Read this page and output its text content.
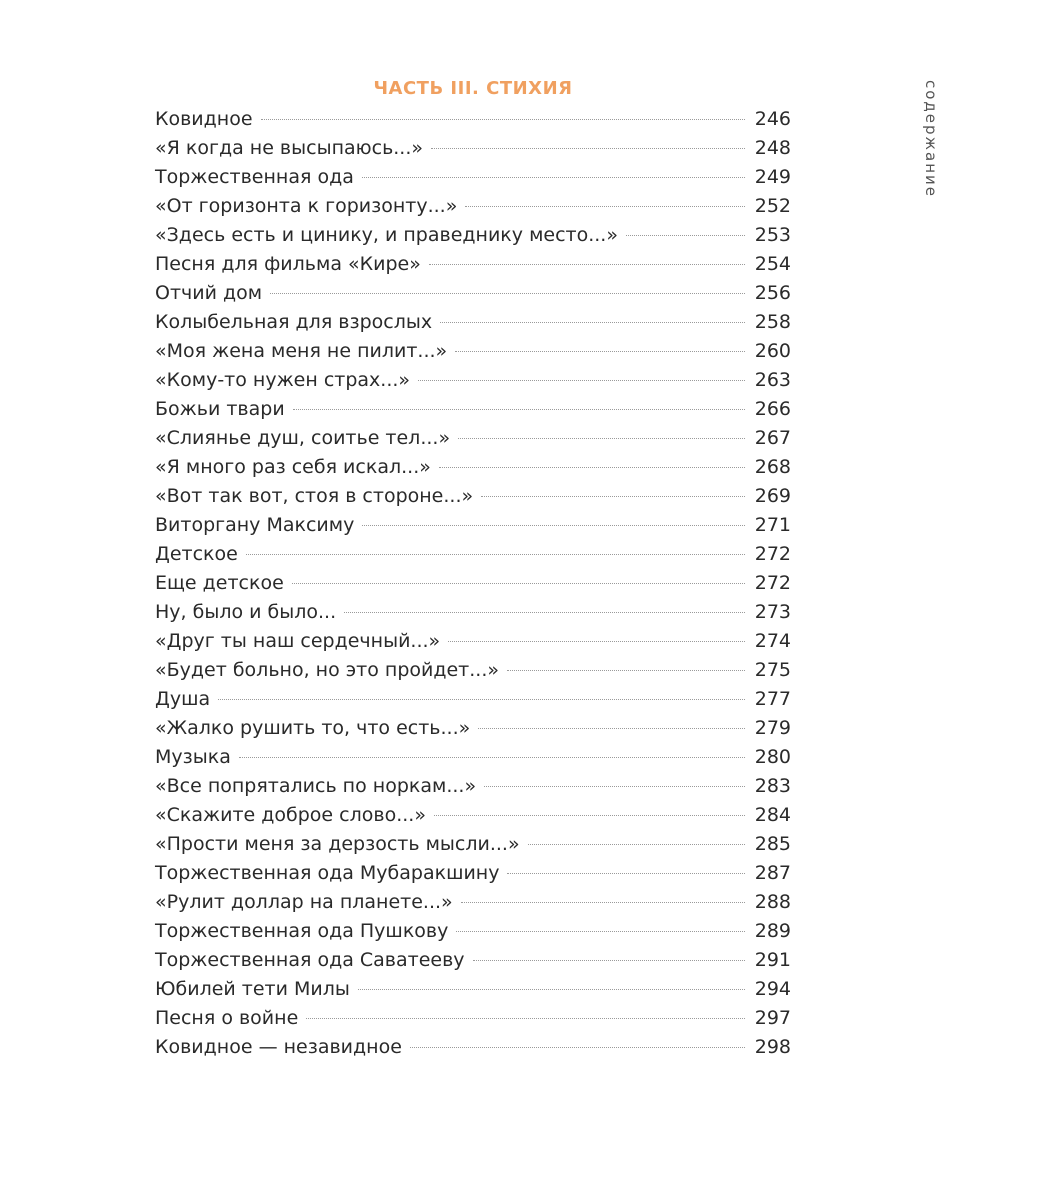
ЧАСТЬ III. СТИХИЯ	содержание
Ковидное	246
«Я когда не высыпаюсь...»	248
Торжественная ода	249
«От горизонта к горизонту...»	252
«Здесь есть и цинику, и праведнику место...»	253
Песня для фильма «Кире»	254
Отчий дом	256
Колыбельная для взрослых	258
«Моя жена меня не пилит...»	260
«Кому-то нужен страх...»	263
Божьи твари	266
«Слиянье душ, соитье тел...»	267
«Я много раз себя искал...»	268
«Вот так вот, стоя в стороне...»	269
Виторгану Максиму	271
Детское	272
Еще детское	272
Ну, было и было...	273
«Друг ты наш сердечный...»	274
«Будет больно, но это пройдет...»	275
Душа	277
«Жалко рушить то, что есть...»	279
Музыка	280
«Все попрятались по норкам...»	283
«Скажите доброе слово...»	284
«Прости меня за дерзость мысли...»	285
Торжественная ода Мубаракшину	287
«Рулит доллар на планете...»	288
Торжественная ода Пушкову	289
Торжественная ода Саватееву	291
Юбилей тети Милы	294
Песня о войне	297
Ковидное — незавидное	298
